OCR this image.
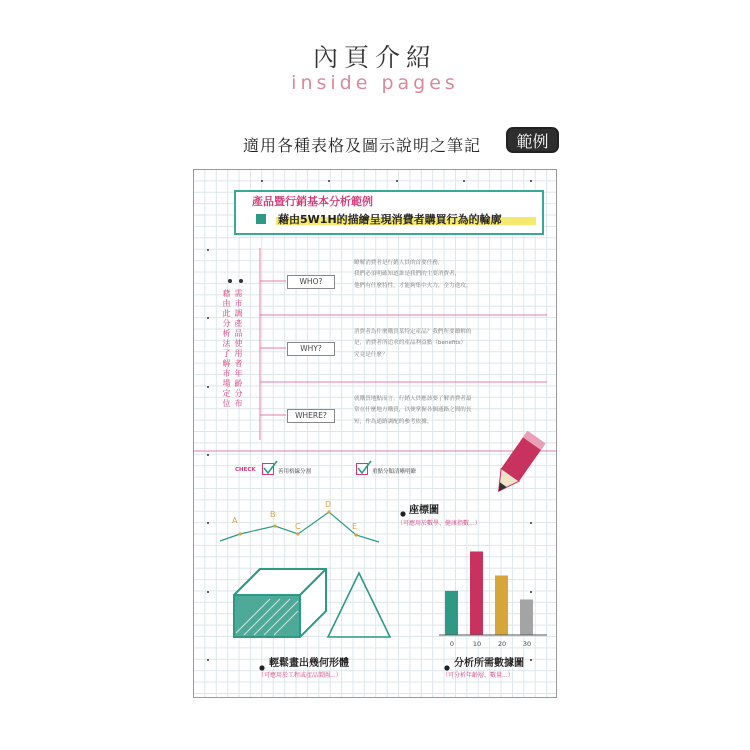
內頁介紹
inside pages
適用各種表格及圖示說明之筆記	範例
產品暨行銷基本分析範例
藉由5W1H的描繪呈現消費者購買行為的輪廓
藉由此分析法了解市場定位
需市調產品使用者年齡分布
WHO?
瞭解消費者是行銷人員的首要任務，
我們必須明確知道誰是我們的主要消費者，
他們有什麼特性，才能夠集中火力，全力進攻。
WHY?
消費者為什麼購買某特定產品？我們所要瞭解的
是，消費者所追求的產品利益點（benefits）
究竟是什麼？
WHERE?
就購買地點而言，行銷人員應該要了解消費者最
常在什麼地方購買，以便掌握各個通路之間的長
短，作為通路調配的參考依據。
CHECK	善用格線分割	重點分類清晰明瞭
A
B
C
D
E
座標圖
（可應用於數學、健康指數...）
0	10	20	30
輕鬆畫出幾何形體
（可應用於工程或產品製圖...）
分析所需數據圖
（可分析年齡層、數量...）
